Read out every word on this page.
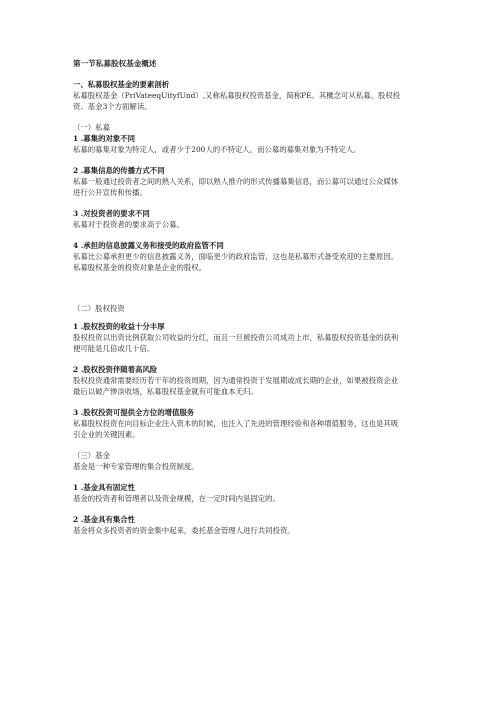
第一节私募股权基金概述

一、私募股权基金的要素剖析

私募股权基金（PriVateeqUityfUnd）,又称私募股权投资基金，简称PE。其概念可从私募、股权投

资、基金3个方面解读。

（一）私募

1 .募集的对象不同

私募的募集对象为特定人，或者少于200人的不特定人，而公募的募集对象为不特定人。

2 .募集信息的传播方式不同

私募一般通过投资者之间的熟人关系，即以熟人推介的形式传播募集信息，而公募可以通过公众媒体

进行公开宣传和传播。

3 .对投资者的要求不同

私募对于投资者的要求高于公募。

4 .承担的信息披露义务和接受的政府监管不同

私募比公募承担更少的信息披露义务，面临更少的政府监管，这也是私募形式备受欢迎的主要原因。

私募股权基金的投资对象是企业的股权。

（二）股权投资

1 .股权投资的收益十分丰厚

股权投资以出资比例获取公司收益的分红，而且一旦被投资公司成功上市，私募股权投资基金的获利

便可能是几倍或几十倍。

2 .股权投资伴随着高风险

股权投资通常需要经历若干年的投资周期，因为通常投资于发展期或成长期的企业，如果被投资企业

最后以破产惨淡收场，私募股权基金就有可能血本无归。

3 .股权投资可提供全方位的增值服务

私募股权投资在向目标企业注入资本的时候，也注入了先进的管理经验和各种增值服务，这也是其吸

引企业的关键因素。

（三）基金

基金是一种专家管理的集合投资制度。

1 .基金具有固定性

基金的投资者和管理者以及资金规模，在一定时间内是固定的。

2 .基金具有集合性

基金将众多投资者的资金集中起来，委托基金管理人进行共同投资。
